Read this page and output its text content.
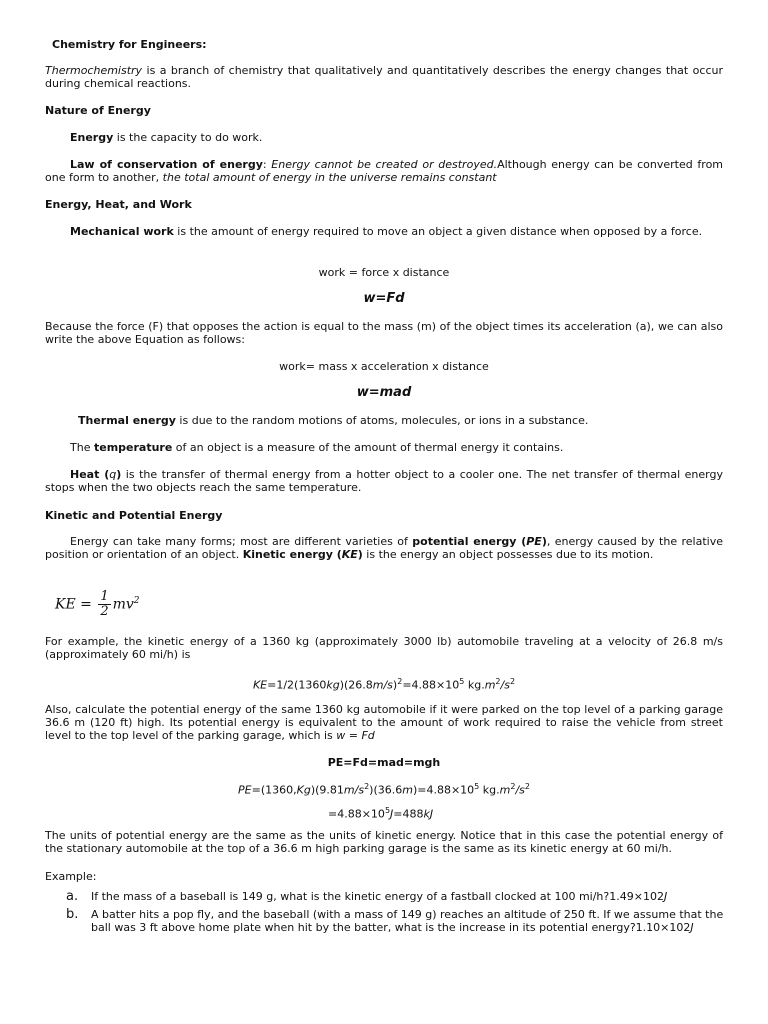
Chemistry for Engineers:

Thermochemistry is a branch of chemistry that qualitatively and quantitatively describes the energy changes that occur during chemical reactions.

Nature of Energy

Energy is the capacity to do work.

Law of conservation of energy: Energy cannot be created or destroyed.Although energy can be converted from one form to another, the total amount of energy in the universe remains constant

Energy, Heat, and Work

Mechanical work is the amount of energy required to move an object a given distance when opposed by a force.

work = force x distance
w=Fd

Because the force (F) that opposes the action is equal to the mass (m) of the object times its acceleration (a), we can also write the above Equation as follows:

work= mass x acceleration x distance
w=mad

Thermal energy is due to the random motions of atoms, molecules, or ions in a substance.

The temperature of an object is a measure of the amount of thermal energy it contains.

Heat (q) is the transfer of thermal energy from a hotter object to a cooler one. The net transfer of thermal energy stops when the two objects reach the same temperature.

Kinetic and Potential Energy

Energy can take many forms; most are different varieties of potential energy (PE), energy caused by the relative position or orientation of an object. Kinetic energy (KE) is the energy an object possesses due to its motion.

KE = $\frac{1}{2} mv^2$

For example, the kinetic energy of a 1360 kg (approximately 3000 lb) automobile traveling at a velocity of 26.8 m/s (approximately 60 mi/h) is

$KE=1/2(1360kg)(26.8m/s)^2=4.88\times 10^5$ $kg.m^2/s^2$

Also, calculate the potential energy of the same 1360 kg automobile if it were parked on the top level of a parking garage 36.6 m (120 ft) high. Its potential energy is equivalent to the amount of work required to raise the vehicle from street level to the top level of the parking garage, which is w = Fd

PE=Fd=mad=mgh
$PE=(1360,Kg)(9.81m/s^2)(36.6m)=4.88\times 10^5$ $kg.m^2/s^2$
$=4.88\times 10^5J=488kJ$

The units of potential energy are the same as the units of kinetic energy. Notice that in this case the potential energy of the stationary automobile at the top of a 36.6 m high parking garage is the same as its kinetic energy at 60 mi/h.

Example:
a.	If the mass of a baseball is 149 g, what is the kinetic energy of a fastball clocked at 100 mi/h?1.49×102J
b.	A batter hits a pop fly, and the baseball (with a mass of 149 g) reaches an altitude of 250 ft. If we assume that the ball was 3 ft above home plate when hit by the batter, what is the increase in its potential energy?1.10×102J
